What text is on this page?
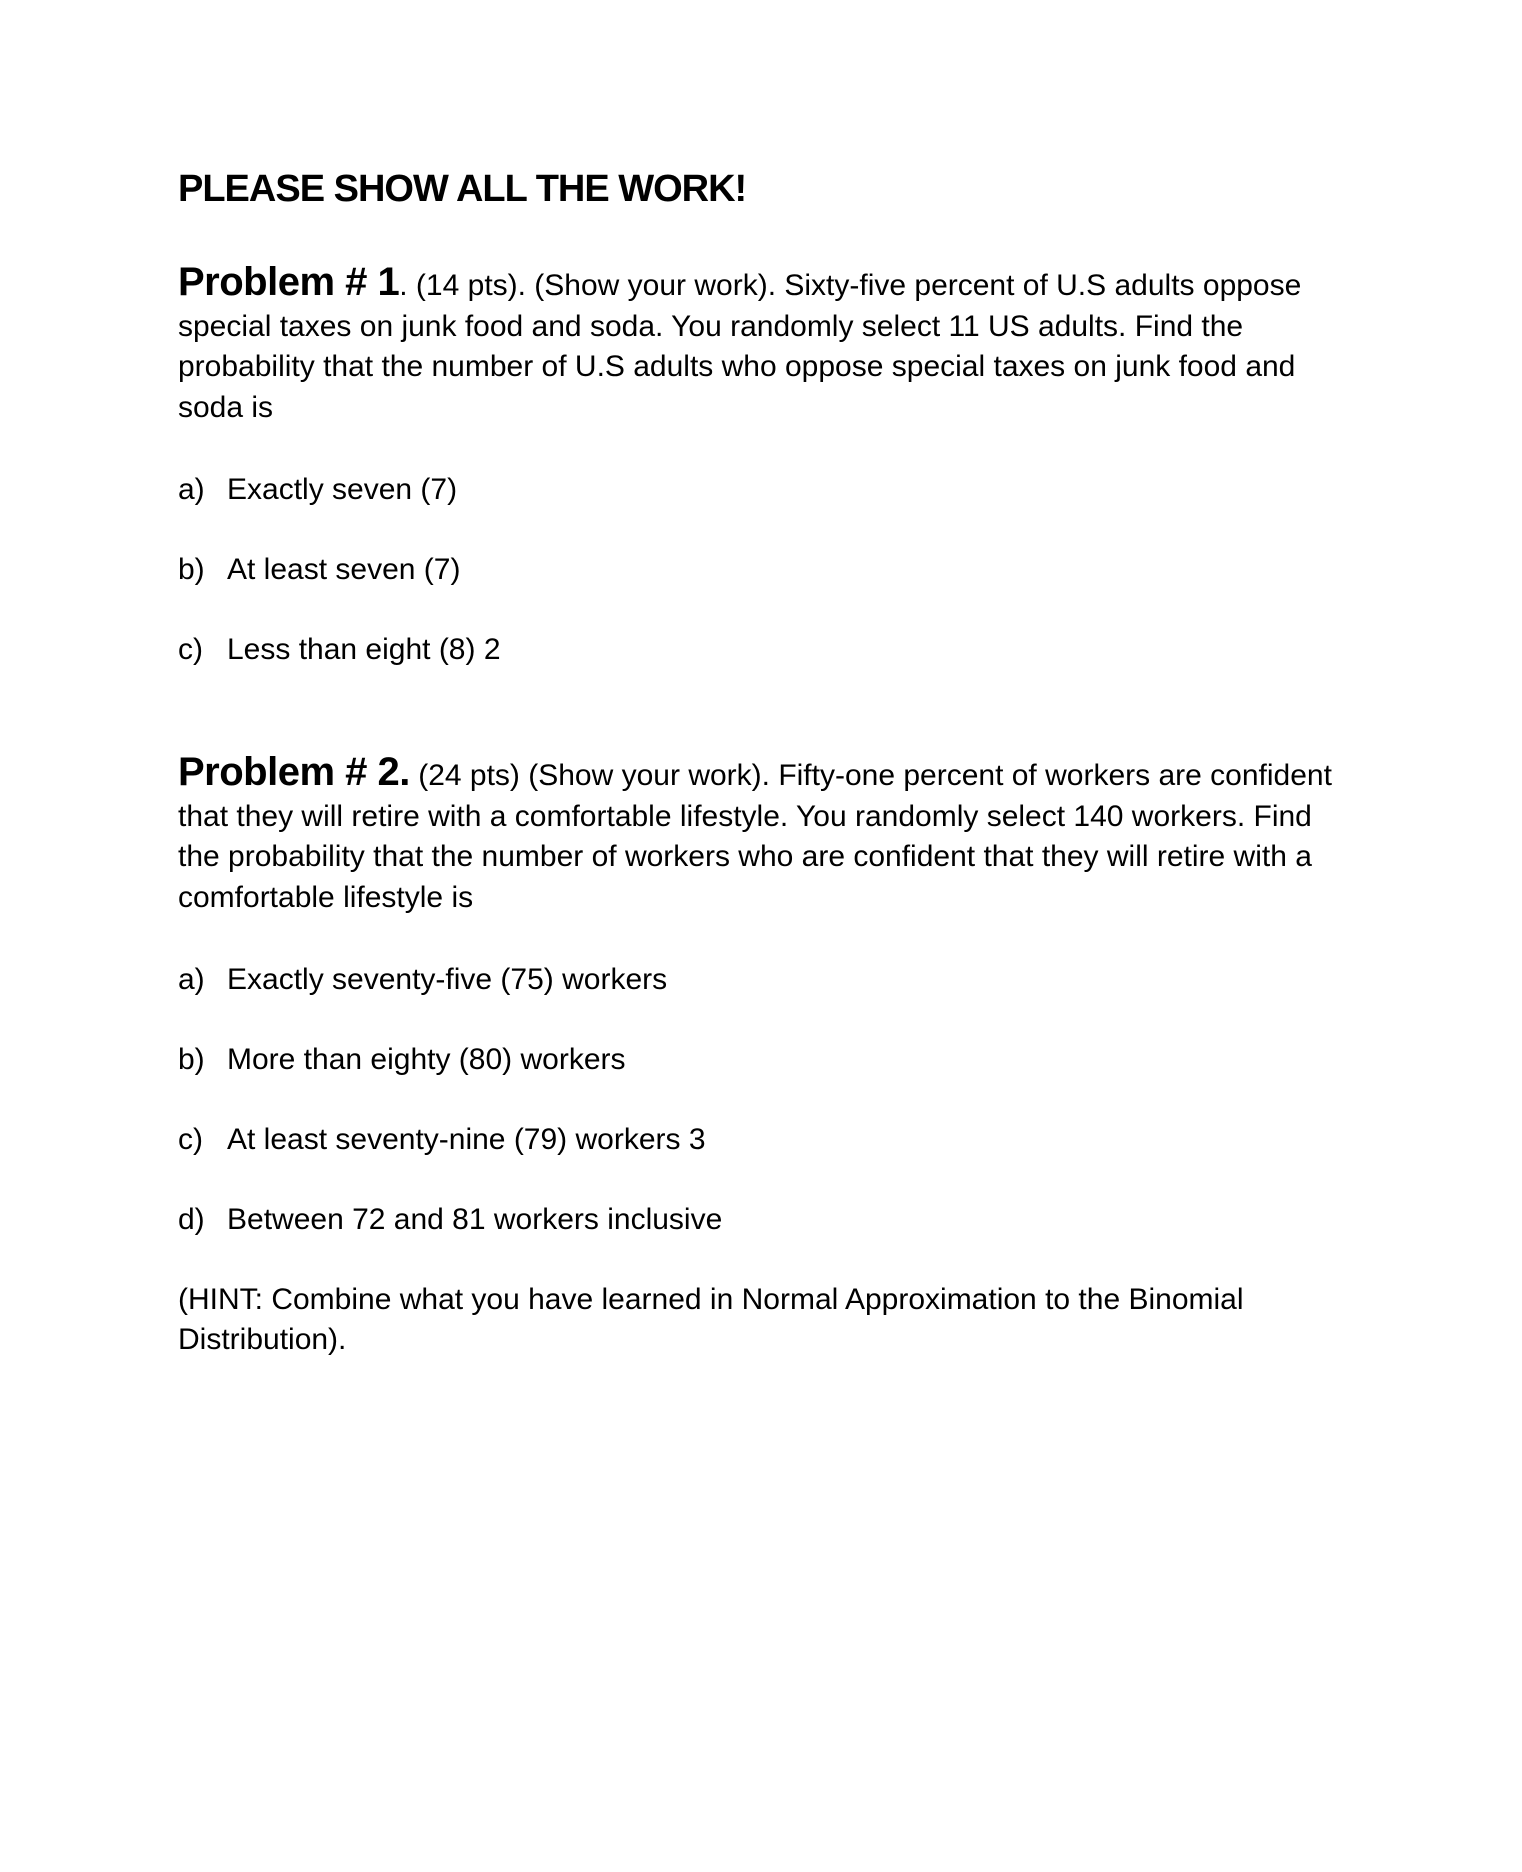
PLEASE SHOW ALL THE WORK!

Problem # 1. (14 pts). (Show your work). Sixty-five percent of U.S adults oppose special taxes on junk food and soda. You randomly select 11 US adults. Find the probability that the number of U.S adults who oppose special taxes on junk food and soda is

a) Exactly seven (7)
b) At least seven (7)
c) Less than eight (8) 2

Problem # 2. (24 pts) (Show your work). Fifty-one percent of workers are confident that they will retire with a comfortable lifestyle. You randomly select 140 workers. Find the probability that the number of workers who are confident that they will retire with a comfortable lifestyle is

a) Exactly seventy-five (75) workers
b) More than eighty (80) workers
c) At least seventy-nine (79) workers 3
d) Between 72 and 81 workers inclusive

(HINT: Combine what you have learned in Normal Approximation to the Binomial Distribution).
